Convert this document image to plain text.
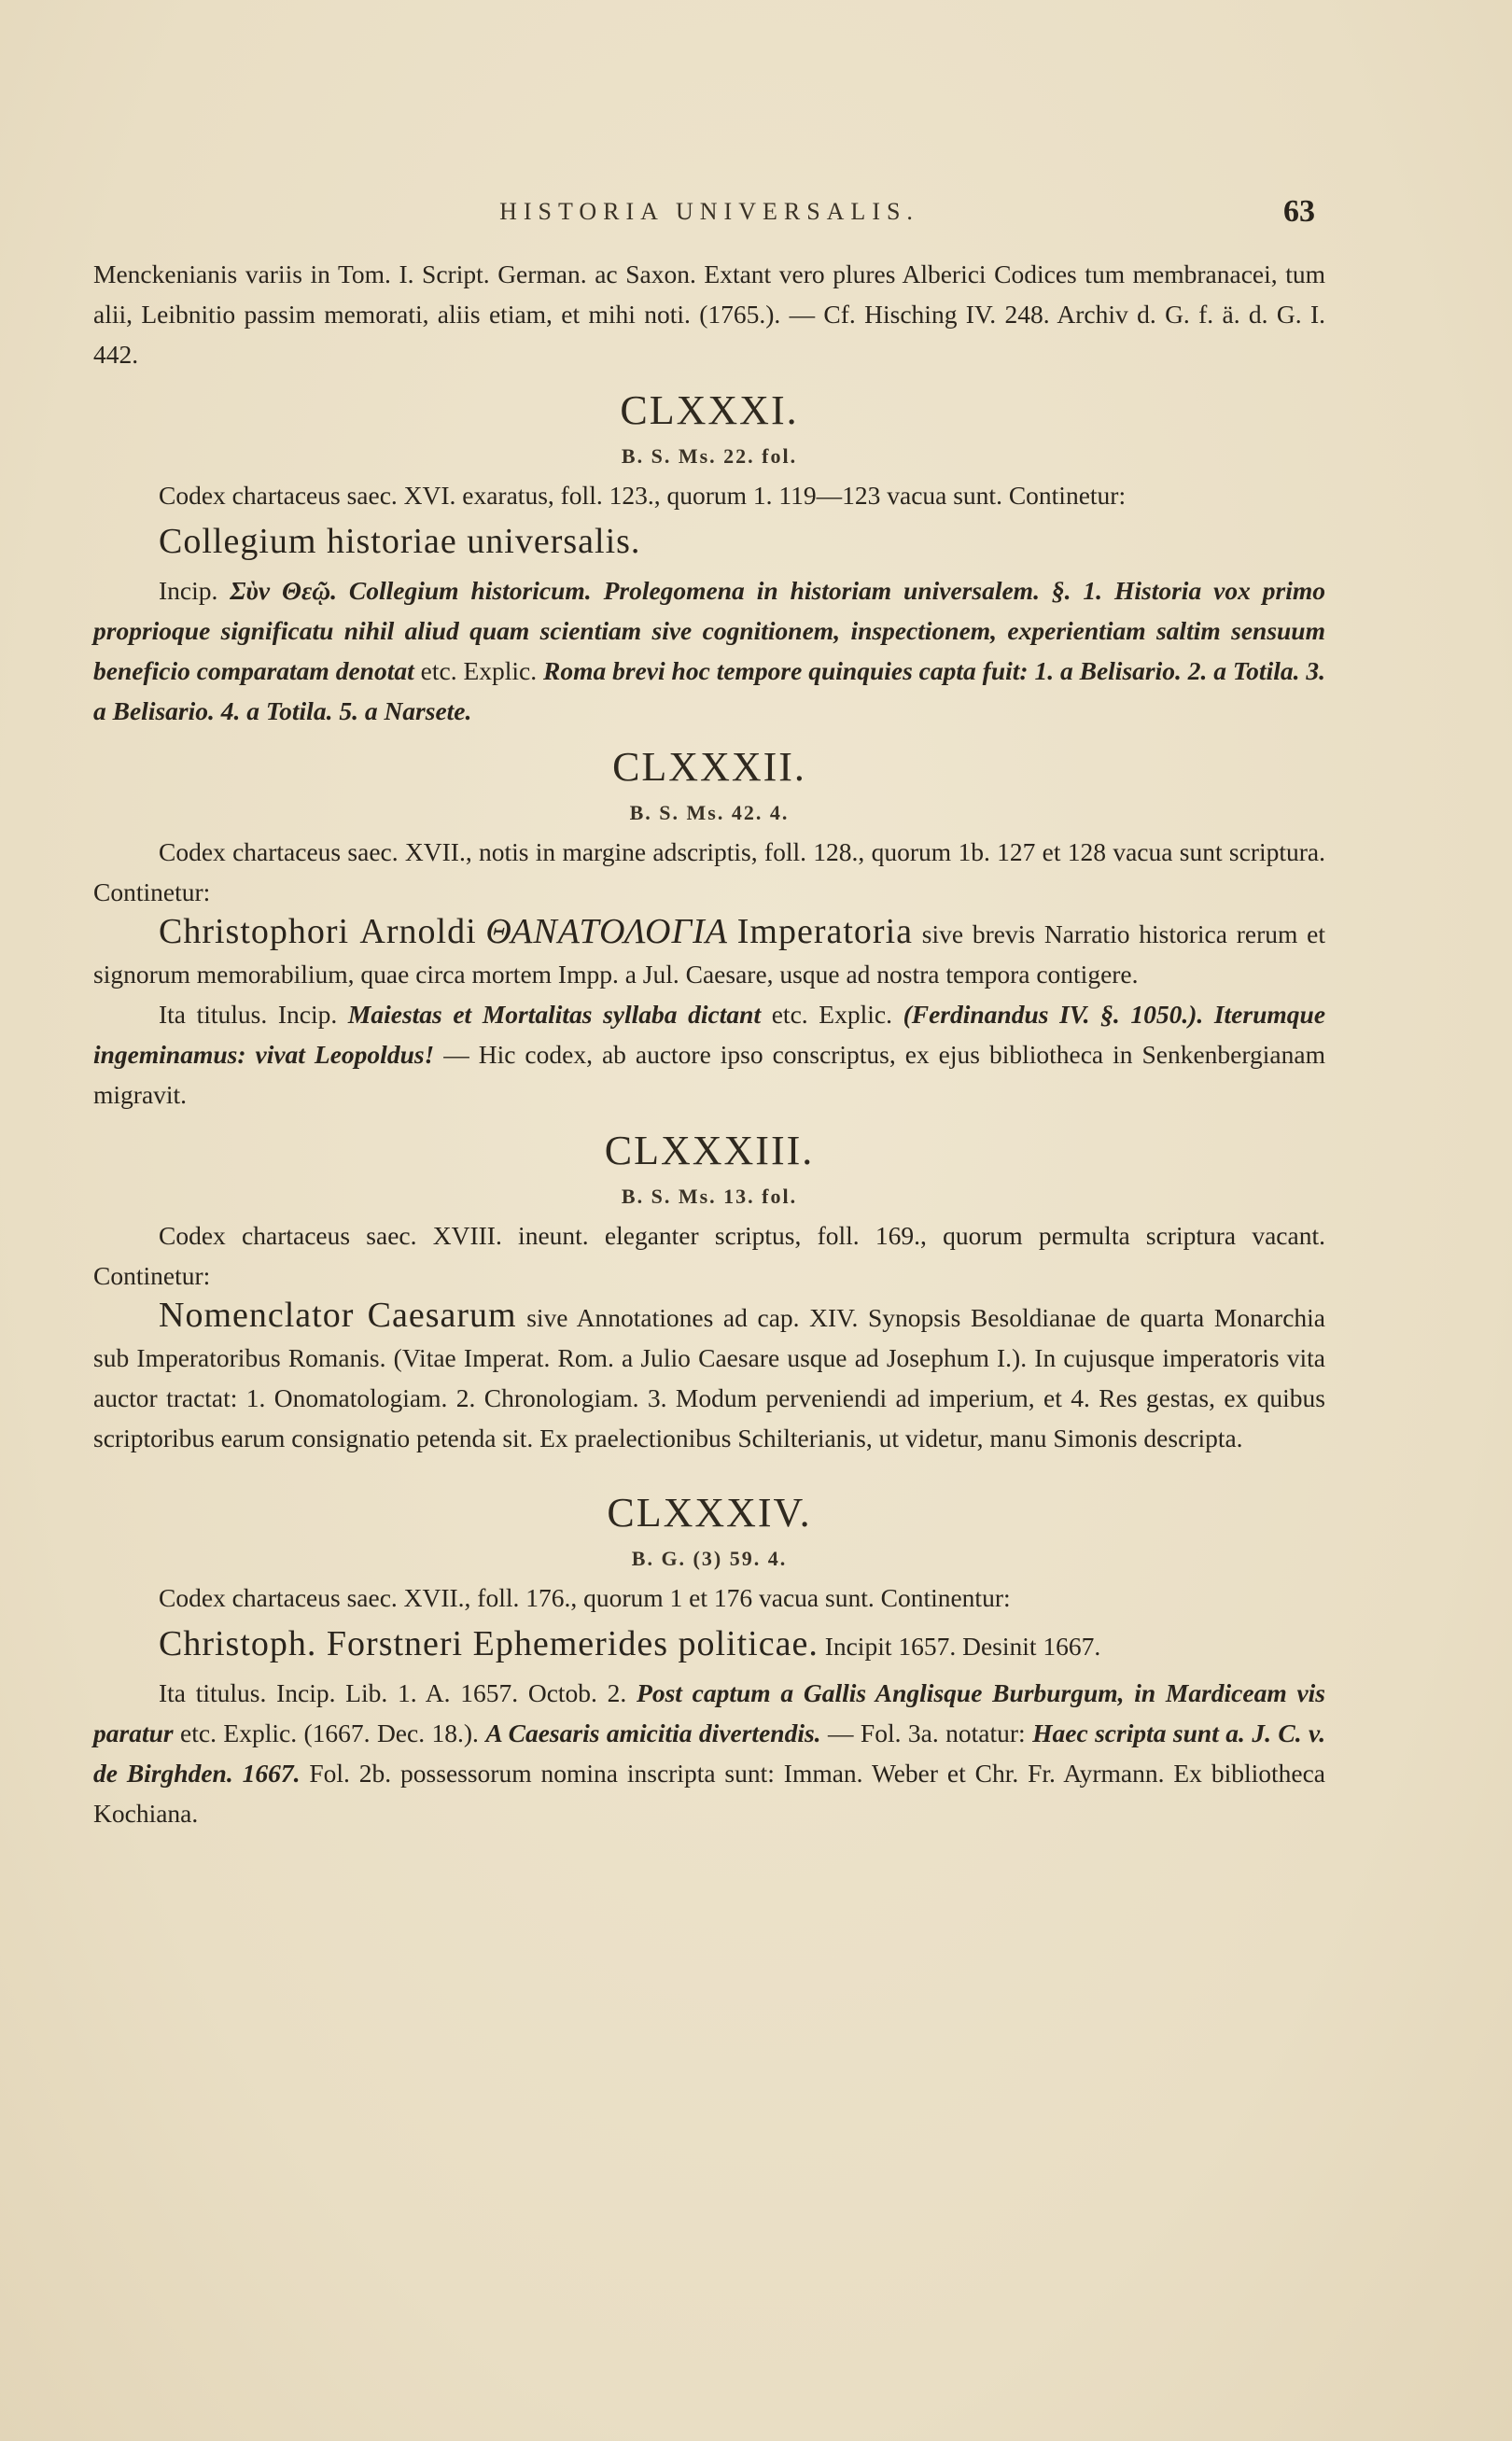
HISTORIA UNIVERSALIS.	63

Menckenianis variis in Tom. I. Script. German. ac Saxon. Extant vero plures Alberici Codices tum membranacei, tum alii, Leibnitio passim memorati, aliis etiam, et mihi noti. (1765.). — Cf. Hisching IV. 248. Archiv d. G. f. ä. d. G. I. 442.

CLXXXI.
B. S. Ms. 22. fol.

Codex chartaceus saec. XVI. exaratus, foll. 123., quorum 1. 119—123 vacua sunt. Continetur:

Collegium historiae universalis.

Incip. Σὺν Θεῷ. Collegium historicum. Prolegomena in historiam universalem. §. 1. Historia vox primo proprioque significatu nihil aliud quam scientiam sive cognitionem, inspectionem, experientiam saltim sensuum beneficio comparatam denotat etc. Explic. Roma brevi hoc tempore quinquies capta fuit: 1. a Belisario. 2. a Totila. 3. a Belisario. 4. a Totila. 5. a Narsete.

CLXXXII.
B. S. Ms. 42. 4.

Codex chartaceus saec. XVII., notis in margine adscriptis, foll. 128., quorum 1b. 127 et 128 vacua sunt scriptura. Continetur:

Christophori Arnoldi ΘΑΝΑΤΟΛΟΓΙΑ Imperatoria sive brevis Narratio historica rerum et signorum memorabilium, quae circa mortem Impp. a Jul. Caesare, usque ad nostra tempora contigere.

Ita titulus. Incip. Maiestas et Mortalitas syllaba dictant etc. Explic. (Ferdinandus IV. §. 1050.). Iterumque ingeminamus: vivat Leopoldus! — Hic codex, ab auctore ipso conscriptus, ex ejus bibliotheca in Senkenbergianam migravit.

CLXXXIII.
B. S. Ms. 13. fol.

Codex chartaceus saec. XVIII. ineunt. eleganter scriptus, foll. 169., quorum permulta scriptura vacant. Continetur:

Nomenclator Caesarum sive Annotationes ad cap. XIV. Synopsis Besoldianae de quarta Monarchia sub Imperatoribus Romanis. (Vitae Imperat. Rom. a Julio Caesare usque ad Josephum I.). In cujusque imperatoris vita auctor tractat: 1. Onomatologiam. 2. Chronologiam. 3. Modum perveniendi ad imperium, et 4. Res gestas, ex quibus scriptoribus earum consignatio petenda sit. Ex praelectionibus Schilterianis, ut videtur, manu Simonis descripta.

CLXXXIV.
B. G. (3) 59. 4.

Codex chartaceus saec. XVII., foll. 176., quorum 1 et 176 vacua sunt. Continentur:

Christoph. Forstneri Ephemerides politicae. Incipit 1657. Desinit 1667.

Ita titulus. Incip. Lib. 1. A. 1657. Octob. 2. Post captum a Gallis Anglisque Burburgum, in Mardiceam vis paratur etc. Explic. (1667. Dec. 18.). A Caesaris amicitia divertendis. — Fol. 3a. notatur: Haec scripta sunt a. J. C. v. de Birghden. 1667. Fol. 2b. possessorum nomina inscripta sunt: Imman. Weber et Chr. Fr. Ayrmann. Ex bibliotheca Kochiana.
